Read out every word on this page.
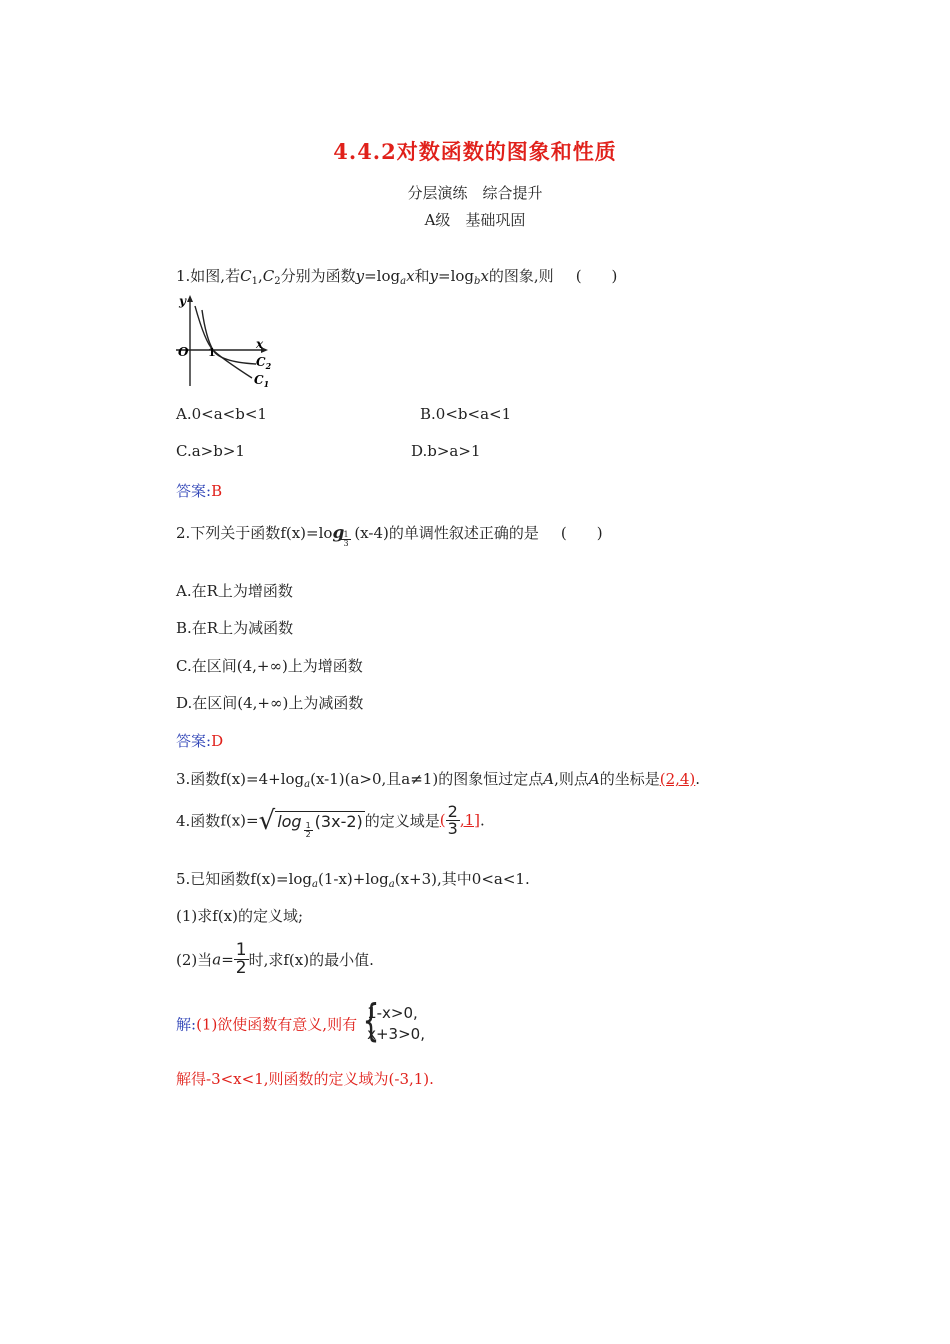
4.4.2对数函数的图象和性质
分层演练　综合提升
A级　基础巩固
1.如图,若$C_1,C_2$分别为函数$y=\log_ax$和$y=\log_bx$的图象,则 (　　)
y
x
O 1
$C_2$
$C_1$
A.0<a<b<1	B.0<b<a<1
C.a>b>1	D.b>a>1
答案:B
2.下列关于函数f(x)=log
$\frac{1}{3} (x-4)$的单调性叙述正确的是 (　　)
A.在R上为增函数
B.在R上为减函数
C.在区间(4,+∞)上为增函数
D.在区间(4,+∞)上为减函数
答案:D
3.函数$f(x)=4+\log_a(x-1)(a>0$,且a≠1)的图象恒过定点A,则点A的坐标是(2,4).
4.函数f(x)=√ $\log \frac{1}{2} (3x-2)$ 的定义域是( $\frac{2}{3} ,1$].
5.已知函数$f(x)=\log_a(1-x)+\log_a(x+3)$,其中0<a<1.
(1)求f(x)的定义域;
(2)当$a= \frac{1}{2}$ 时,求f(x)的最小值.
解:(1)欲使函数有意义,则有 {
1-x>0,
x+3>0,
解得-3<x<1,则函数的定义域为(-3,1).
